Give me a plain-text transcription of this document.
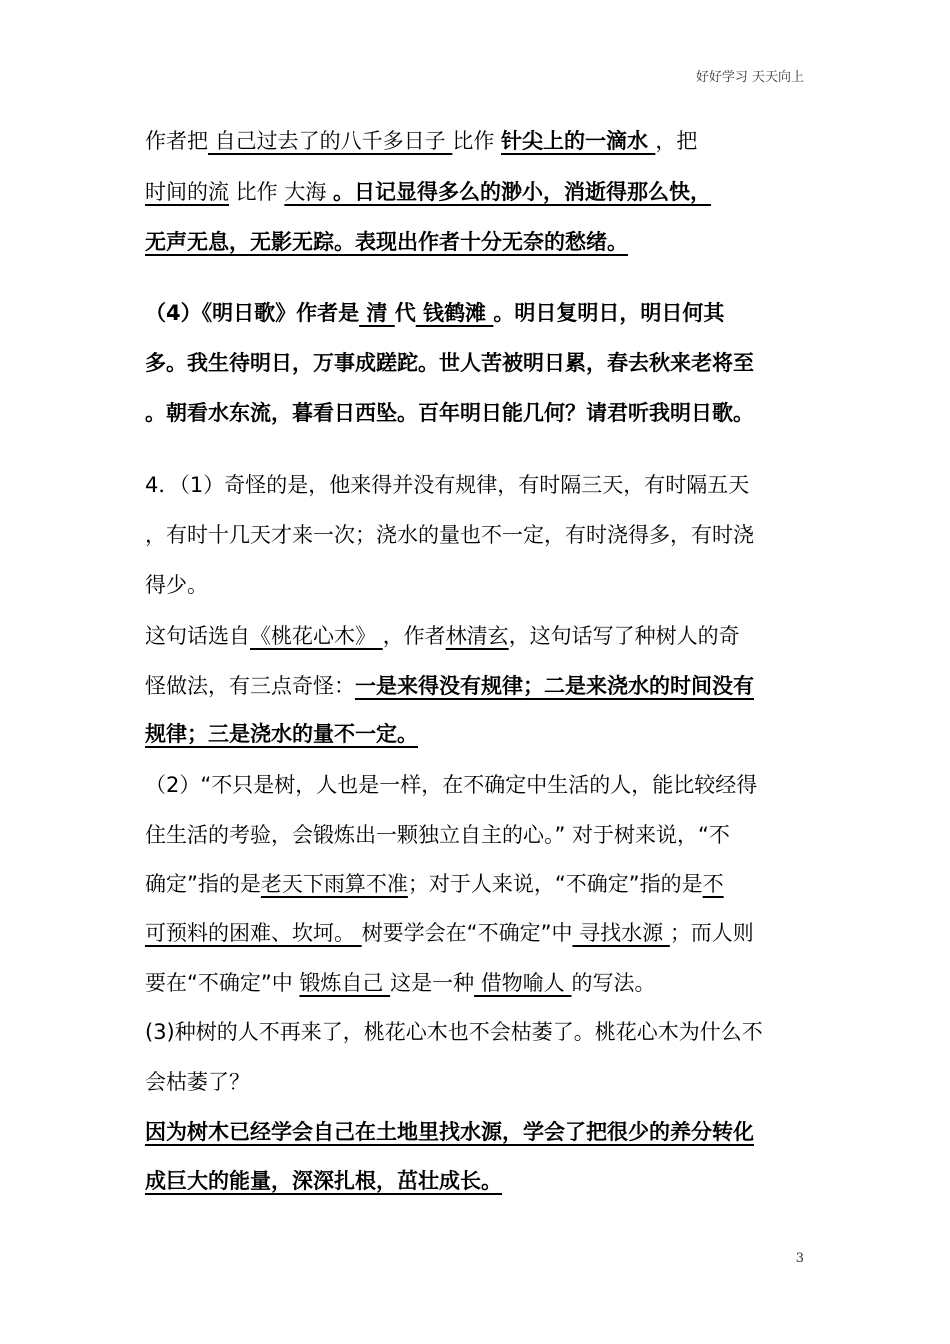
好好学习 天天向上
作者把 自己过去了的八千多日子 比作 针尖上的一滴水 ，把
时间的流 比作 大海 。日记显得多么的渺小，消逝得那么快，
无声无息，无影无踪。表现出作者十分无奈的愁绪。
（4）《明日歌》作者是 清 代 钱鹤滩 。明日复明日，明日何其
多。我生待明日，万事成蹉跎。世人苦被明日累，春去秋来老将至
。朝看水东流，暮看日西坠。百年明日能几何？请君听我明日歌。
4．（1）奇怪的是，他来得并没有规律，有时隔三天，有时隔五天
，有时十几天才来一次；浇水的量也不一定，有时浇得多，有时浇
得少。
这句话选自《桃花心木》 ，作者林清玄，这句话写了种树人的奇
怪做法，有三点奇怪：一是来得没有规律；二是来浇水的时间没有
规律；三是浇水的量不一定。
（2）“不只是树，人也是一样，在不确定中生活的人，能比较经得
住生活的考验，会锻炼出一颗独立自主的心。” 对于树来说，“不
确定”指的是老天下雨算不准；对于人来说，“不确定”指的是不
可预料的困难、坎坷。 树要学会在“不确定”中 寻找水源 ；而人则
要在“不确定”中 锻炼自己 这是一种 借物喻人 的写法。
(3)种树的人不再来了，桃花心木也不会枯萎了。桃花心木为什么不
会枯萎了？
因为树木已经学会自己在土地里找水源，学会了把很少的养分转化
成巨大的能量，深深扎根，茁壮成长。
3
